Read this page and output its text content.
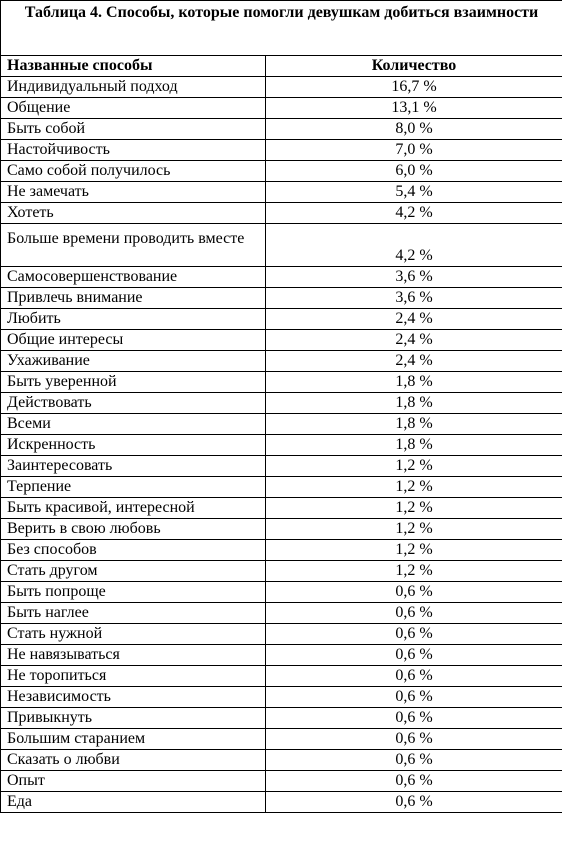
Таблица 4. Способы, которые помогли девушкам добиться взаимности	
Названные способы	Количество
Индивидуальный подход	16,7 %
Общение	13,1 %
Быть собой	8,0 %
Настойчивость	7,0 %
Само собой получилось	6,0 %
Не замечать	5,4 %
Хотеть	4,2 %
Больше времени проводить вместе	4,2 %
Самосовершенствование	3,6 %
Привлечь внимание	3,6 %
Любить	2,4 %
Общие интересы	2,4 %
Ухаживание	2,4 %
Быть уверенной	1,8 %
Действовать	1,8 %
Всеми	1,8 %
Искренность	1,8 %
Заинтересовать	1,2 %
Терпение	1,2 %
Быть красивой, интересной	1,2 %
Верить в свою любовь	1,2 %
Без способов	1,2 %
Стать другом	1,2 %
Быть попроще	0,6 %
Быть наглее	0,6 %
Стать нужной	0,6 %
Не навязываться	0,6 %
Не торопиться	0,6 %
Независимость	0,6 %
Привыкнуть	0,6 %
Большим старанием	0,6 %
Сказать о любви	0,6 %
Опыт	0,6 %
Еда	0,6 %
